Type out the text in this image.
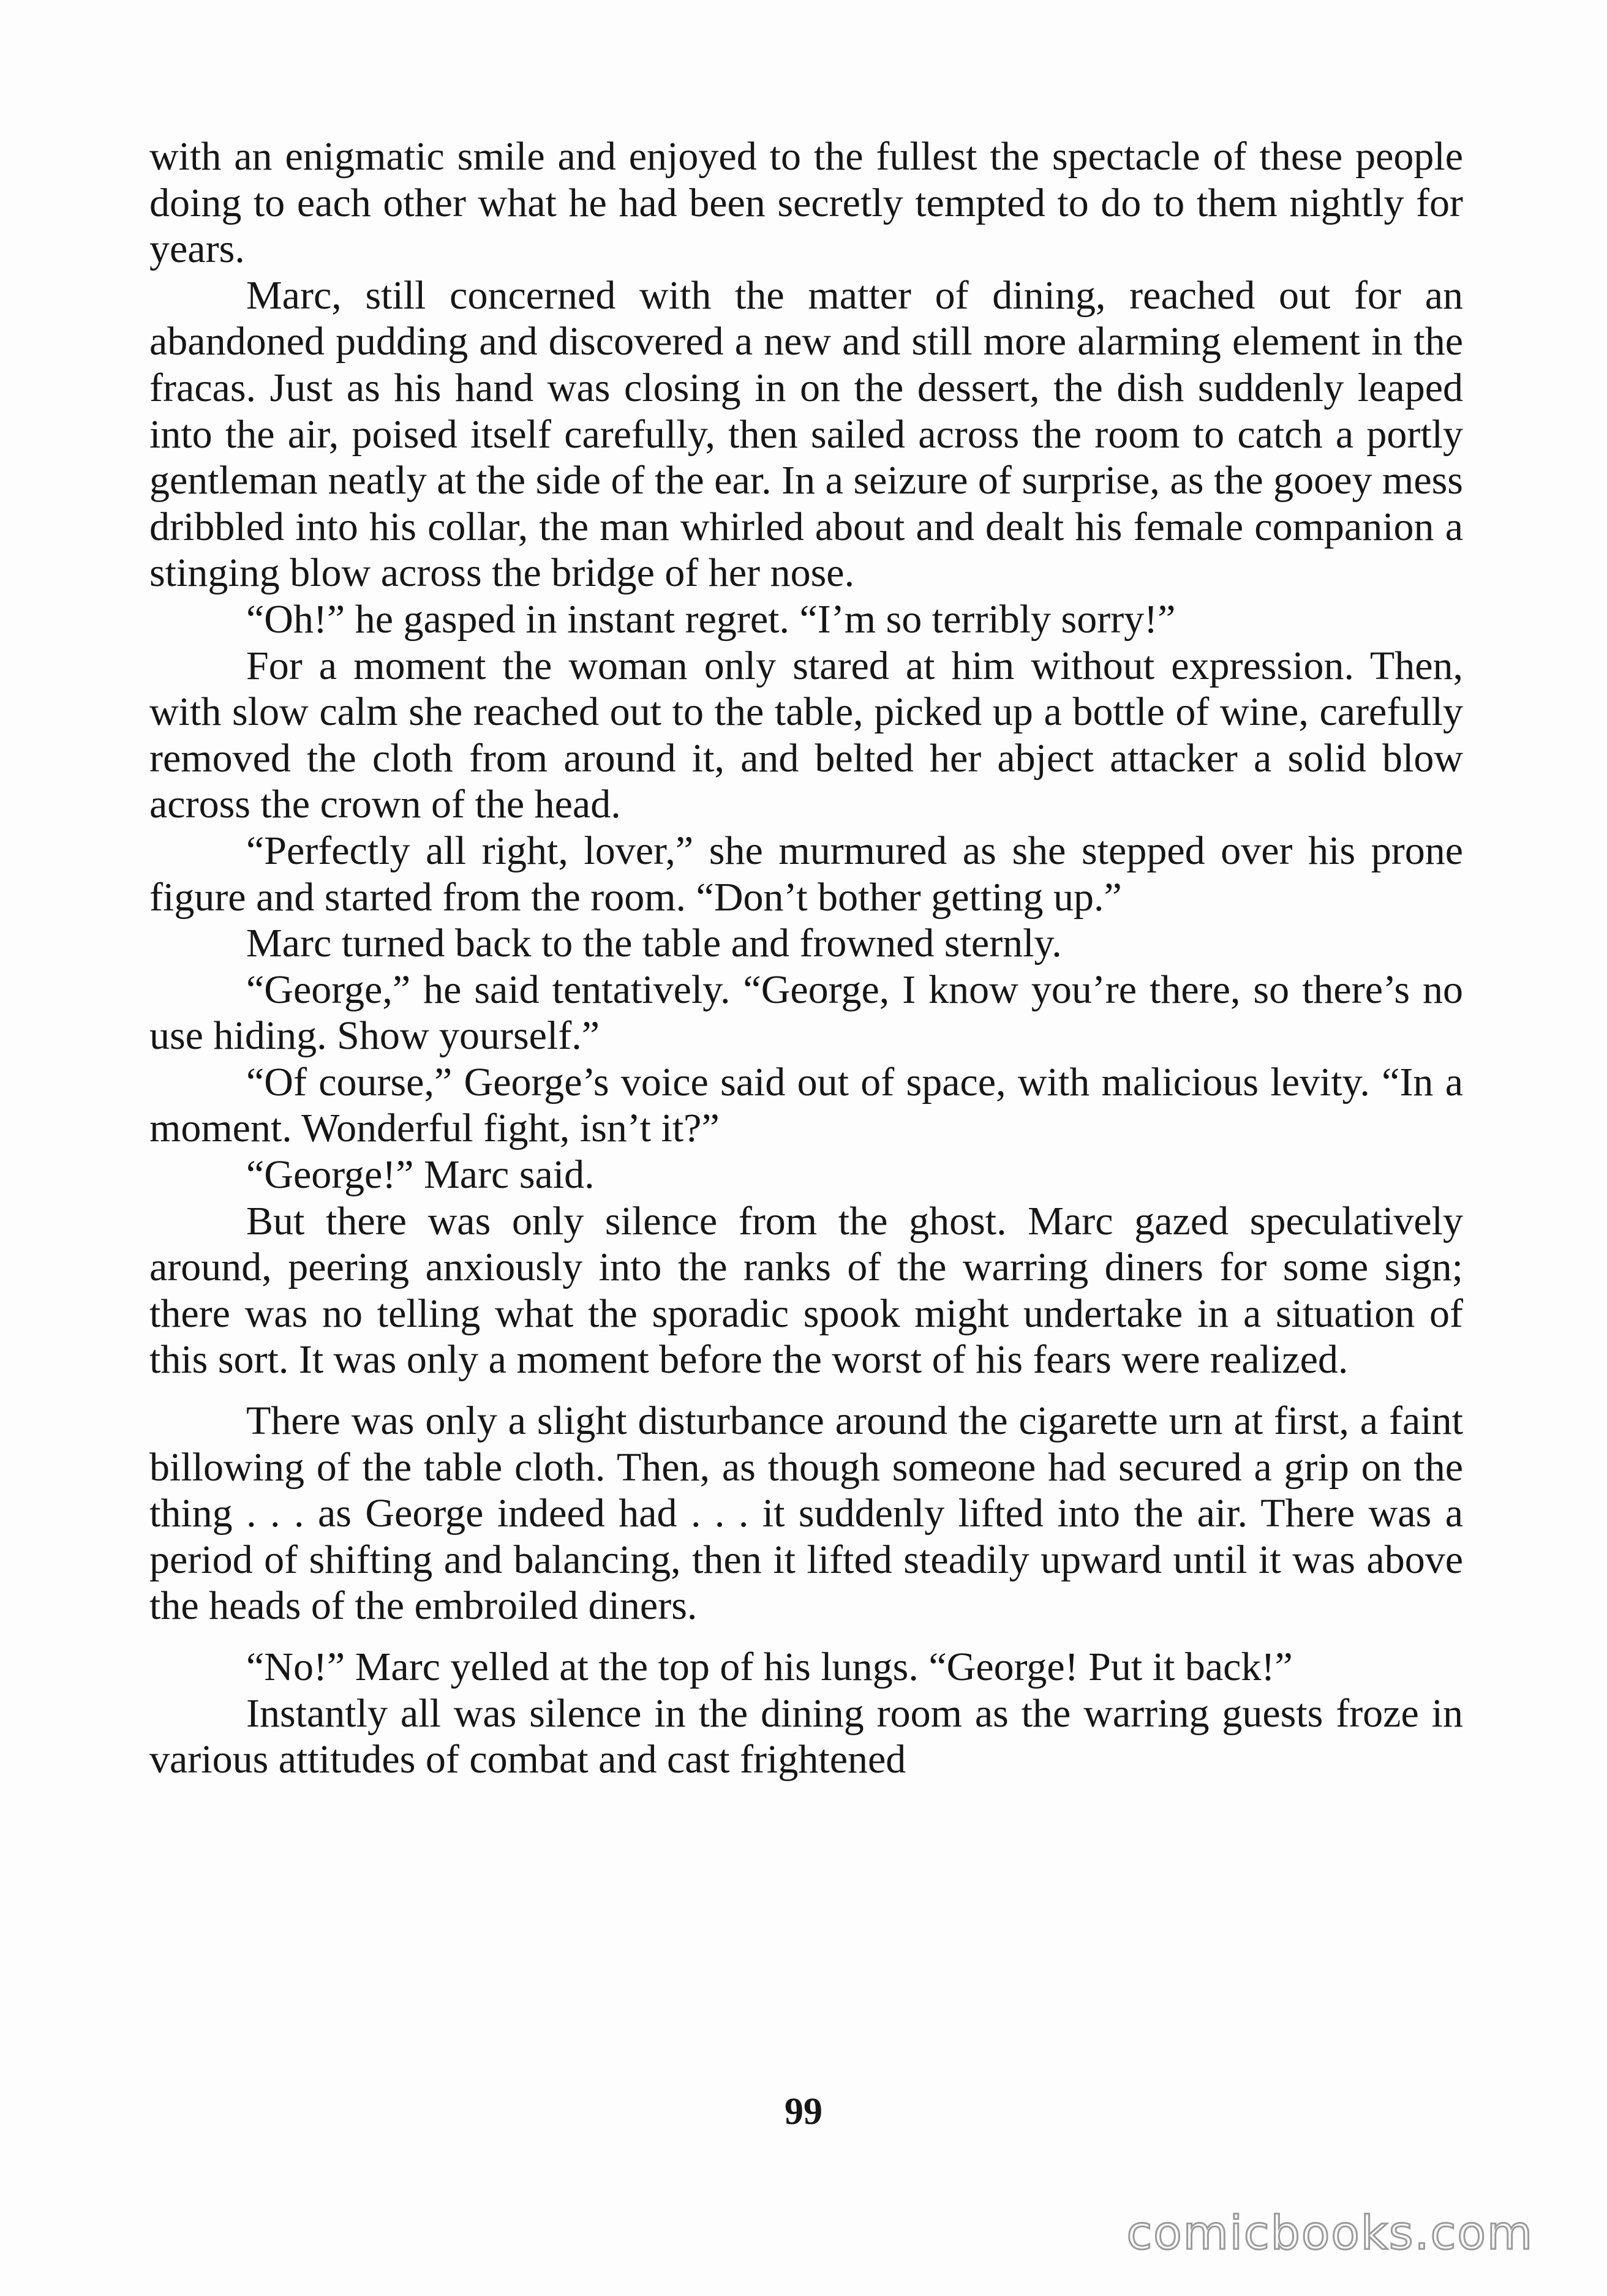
with an enigmatic smile and enjoyed to the fullest the spectacle of these people doing to each other what he had been secretly tempted to do to them nightly for years.

Marc, still concerned with the matter of dining, reached out for an abandoned pudding and discovered a new and still more alarming element in the fracas. Just as his hand was closing in on the dessert, the dish suddenly leaped into the air, poised itself carefully, then sailed across the room to catch a portly gentleman neatly at the side of the ear. In a seizure of surprise, as the gooey mess dribbled into his collar, the man whirled about and dealt his female companion a stinging blow across the bridge of her nose.

“Oh!” he gasped in instant regret. “I’m so terribly sorry!”

For a moment the woman only stared at him without expression. Then, with slow calm she reached out to the table, picked up a bottle of wine, carefully removed the cloth from around it, and belted her abject attacker a solid blow across the crown of the head.

“Perfectly all right, lover,” she murmured as she stepped over his prone figure and started from the room. “Don’t bother getting up.”

Marc turned back to the table and frowned sternly.

“George,” he said tentatively. “George, I know you’re there, so there’s no use hiding. Show yourself.”

“Of course,” George’s voice said out of space, with malicious levity. “In a moment. Wonderful fight, isn’t it?”

“George!” Marc said.

But there was only silence from the ghost. Marc gazed speculatively around, peering anxiously into the ranks of the warring diners for some sign; there was no telling what the sporadic spook might undertake in a situation of this sort. It was only a moment before the worst of his fears were realized.

There was only a slight disturbance around the cigarette urn at first, a faint billowing of the table cloth. Then, as though someone had secured a grip on the thing . . . as George indeed had . . . it suddenly lifted into the air. There was a period of shifting and balancing, then it lifted steadily upward until it was above the heads of the embroiled diners.

“No!” Marc yelled at the top of his lungs. “George! Put it back!”

Instantly all was silence in the dining room as the warring guests froze in various attitudes of combat and cast frightened

99
comicbooks.com
